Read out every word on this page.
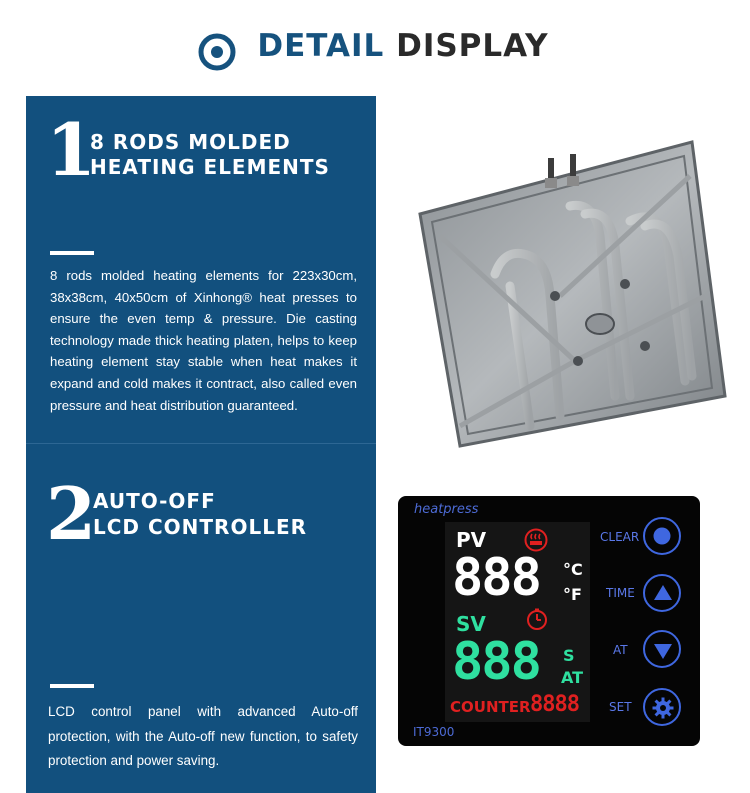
DETAIL DISPLAY
1
8 RODS MOLDED
HEATING ELEMENTS
8 rods molded heating elements for 223x30cm, 38x38cm, 40x50cm of Xinhong® heat presses to ensure the even temp & pressure. Die casting technology made thick heating platen, helps to keep heating element stay stable when heat makes it expand and cold makes it contract, also called even pressure and heat distribution guaranteed.
2
AUTO-OFF
LCD CONTROLLER
LCD control panel with advanced Auto-off protection, with the Auto-off new function, to safety protection and power saving.
heatpress
IT9300
PV
888 °C
°F
SV
888 S
AT
COUNTER 8888
CLEAR
TIME
AT
SET
